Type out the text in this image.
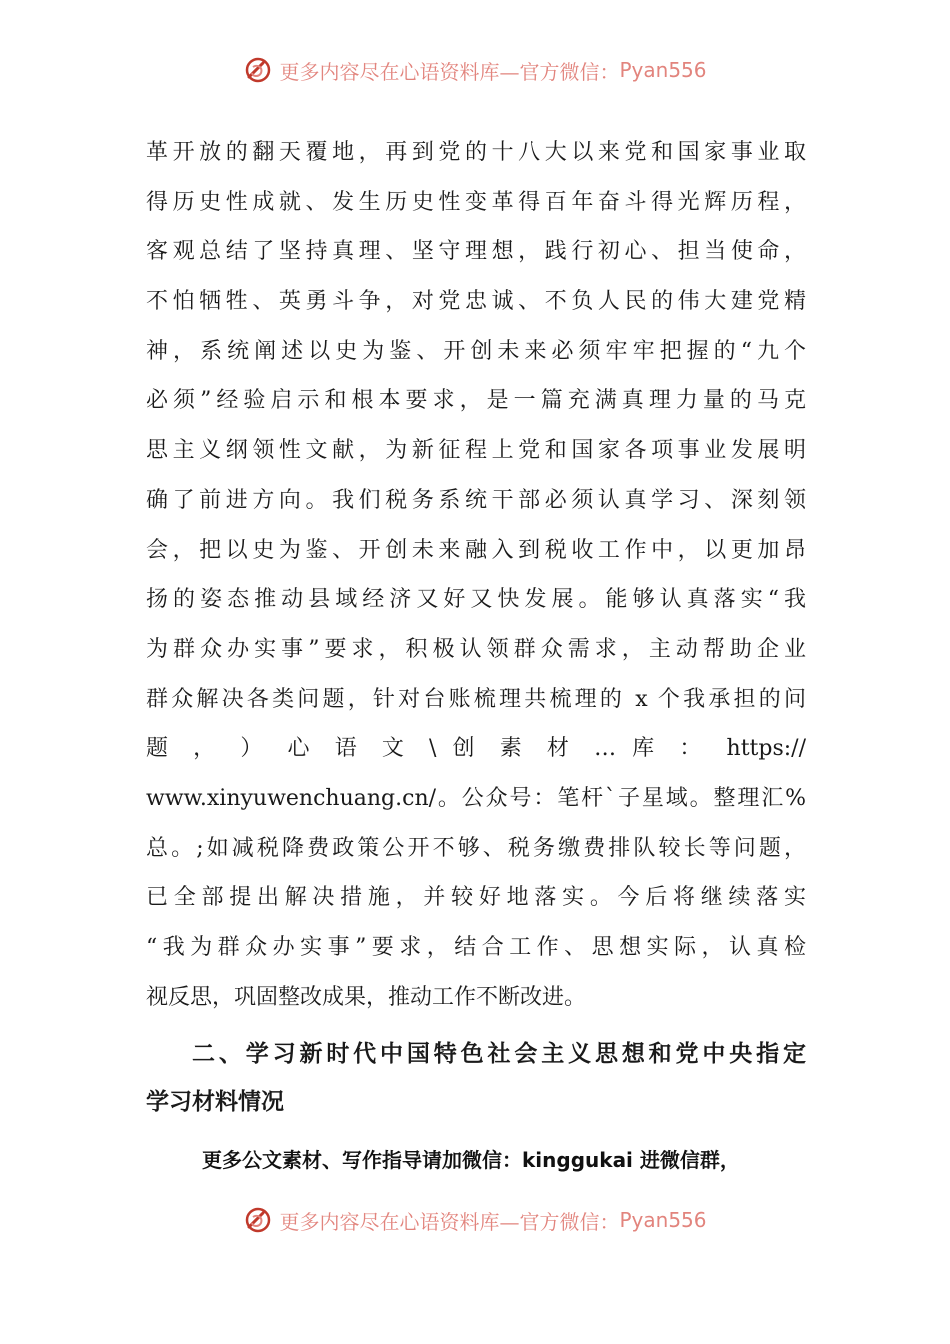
更多内容尽在心语资料库—官方微信： Pyan556
革开放的翻天覆地，再到党的十八大以来党和国家事业取
得历史性成就、发生历史性变革得百年奋斗得光辉历程，
客观总结了坚持真理、坚守理想，践行初心、担当使命，
不怕牺牲、英勇斗争，对党忠诚、不负人民的伟大建党精
神，系统阐述以史为鉴、开创未来必须牢牢把握的“九个
必须”经验启示和根本要求，是一篇充满真理力量的马克
思主义纲领性文献，为新征程上党和国家各项事业发展明
确了前进方向。我们税务系统干部必须认真学习、深刻领
会，把以史为鉴、开创未来融入到税收工作中，以更加昂
扬的姿态推动县域经济又好又快发展。能够认真落实“我
为群众办实事”要求，积极认领群众需求，主动帮助企业
群众解决各类问题，针对台账梳理共梳理的 x 个我承担的问
题 ， ） 心 语 文 \ 创 素 材 … 库 ： https://
www.xinyuwenchuang.cn/。公众号：笔杆`子星域。整理汇%
总。;如减税降费政策公开不够、税务缴费排队较长等问题，
已全部提出解决措施，并较好地落实。今后将继续落实
“我为群众办实事”要求，结合工作、思想实际，认真检
视反思，巩固整改成果，推动工作不断改进。
二、学习新时代中国特色社会主义思想和党中央指定
学习材料情况
更多公文素材、写作指导请加微信：kinggukai 进微信群，
更多内容尽在心语资料库—官方微信： Pyan556
